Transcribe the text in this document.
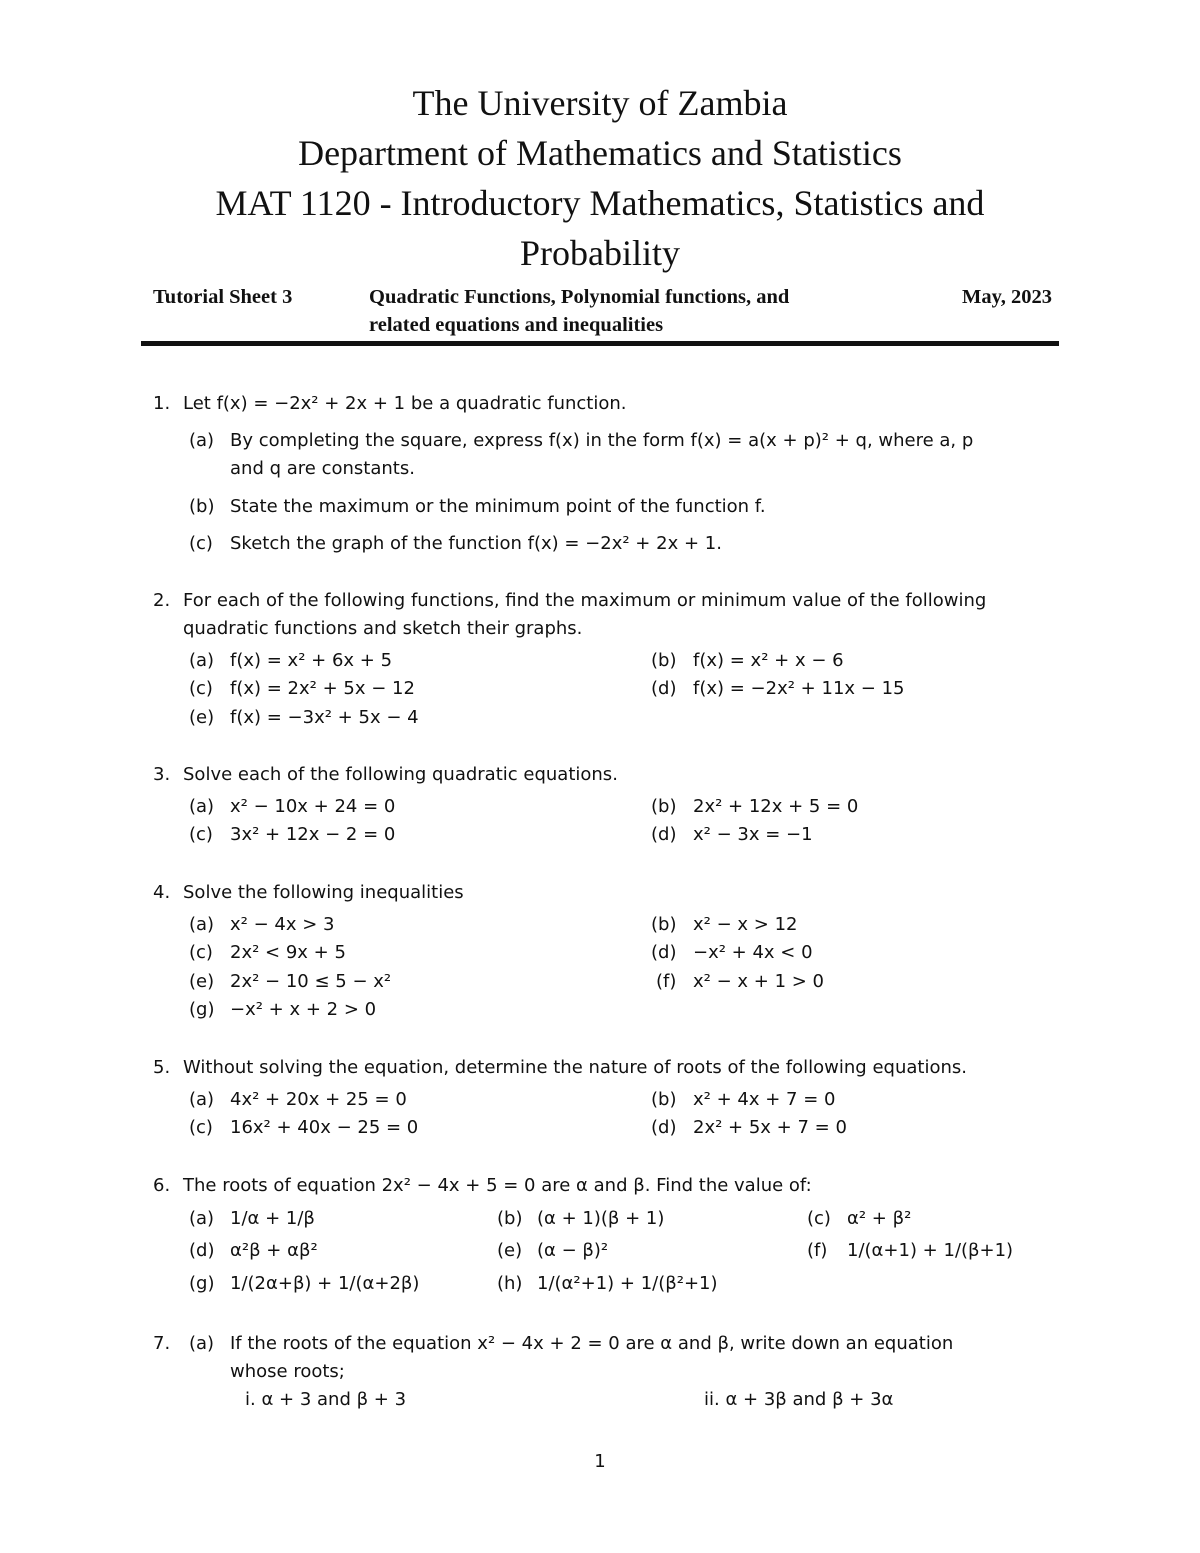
The University of Zambia
Department of Mathematics and Statistics
MAT 1120 - Introductory Mathematics, Statistics and
Probability
Tutorial Sheet 3	Quadratic Functions, Polynomial functions, and
related equations and inequalities
May, 2023
1. Let f(x) = −2x² + 2x + 1 be a quadratic function.
(a) By completing the square, express f(x) in the form f(x) = a(x + p)² + q, where a, p
and q are constants.
(b) State the maximum or the minimum point of the function f.
(c) Sketch the graph of the function f(x) = −2x² + 2x + 1.
2. For each of the following functions, find the maximum or minimum value of the following
quadratic functions and sketch their graphs.
(a) f(x) = x² + 6x + 5	(b) f(x) = x² + x − 6
(c) f(x) = 2x² + 5x − 12	(d) f(x) = −2x² + 11x − 15
(e) f(x) = −3x² + 5x − 4
3. Solve each of the following quadratic equations.
(a) x² − 10x + 24 = 0	(b) 2x² + 12x + 5 = 0
(c) 3x² + 12x − 2 = 0	(d) x² − 3x = −1
4. Solve the following inequalities
(a) x² − 4x > 3	(b) x² − x > 12
(c) 2x² < 9x + 5	(d) −x² + 4x < 0
(e) 2x² − 10 ≤ 5 − x²	(f) x² − x + 1 > 0
(g) −x² + x + 2 > 0
5. Without solving the equation, determine the nature of roots of the following equations.
(a) 4x² + 20x + 25 = 0	(b) x² + 4x + 7 = 0
(c) 16x² + 40x − 25 = 0	(d) 2x² + 5x + 7 = 0
6. The roots of equation 2x² − 4x + 5 = 0 are α and β. Find the value of:
(a) 1/α + 1/β	(b) (α + 1)(β + 1)	(c) α² + β²
(d) α²β + αβ²	(e) (α − β)²	(f) 1/(α+1) + 1/(β+1)
(g) 1/(2α+β) + 1/(α+2β)	(h) 1/(α²+1) + 1/(β²+1)
7. (a) If the roots of the equation x² − 4x + 2 = 0 are α and β, write down an equation
whose roots;
i. α + 3 and β + 3	ii. α + 3β and β + 3α
1
